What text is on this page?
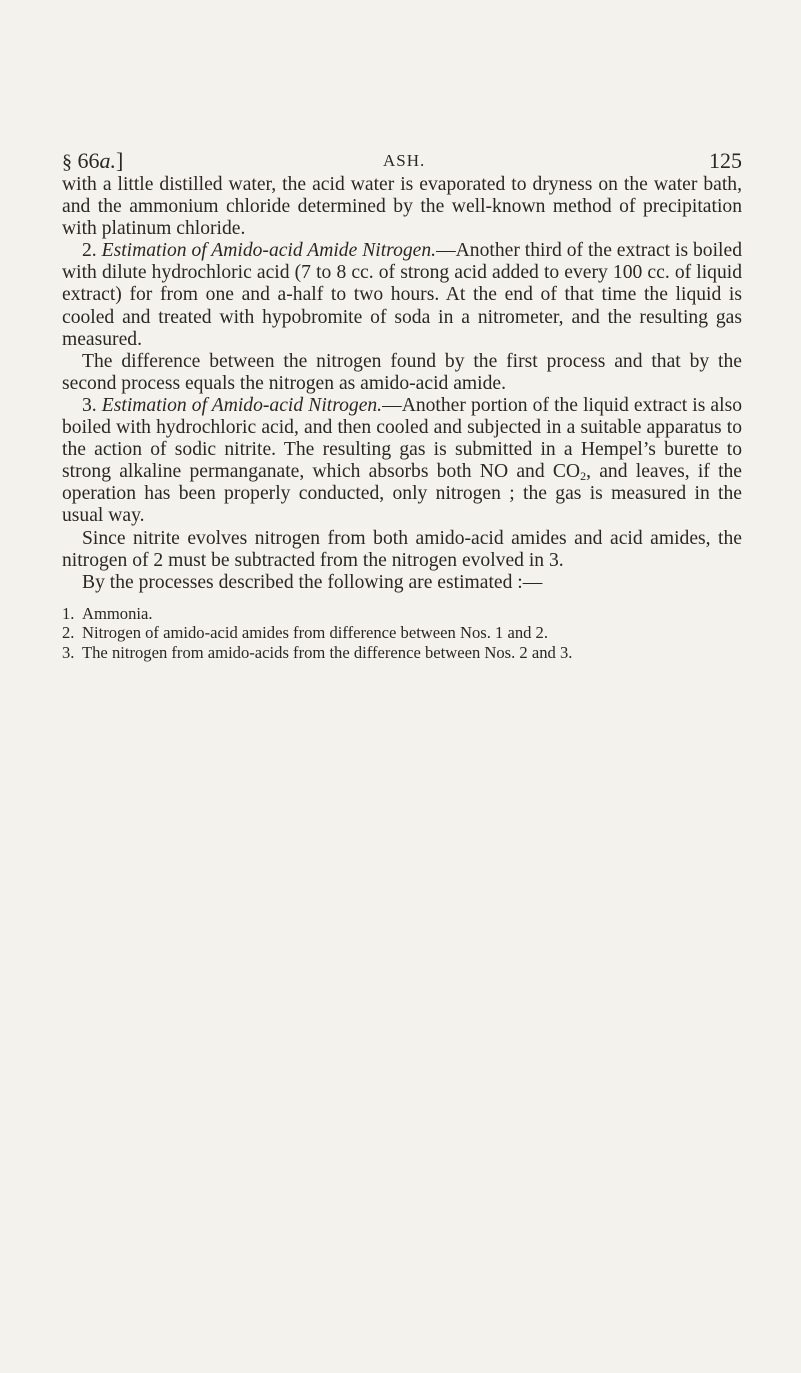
§ 66a.]	ASH.	125

with a little distilled water, the acid water is evaporated to dryness on the water bath, and the ammonium chloride determined by the well-known method of precipitation with platinum chloride.

2. Estimation of Amido-acid Amide Nitrogen.—Another third of the extract is boiled with dilute hydrochloric acid (7 to 8 cc. of strong acid added to every 100 cc. of liquid extract) for from one and a-half to two hours. At the end of that time the liquid is cooled and treated with hypobromite of soda in a nitrometer, and the resulting gas measured.

The difference between the nitrogen found by the first process and that by the second process equals the nitrogen as amido-acid amide.

3. Estimation of Amido-acid Nitrogen.—Another portion of the liquid extract is also boiled with hydrochloric acid, and then cooled and subjected in a suitable apparatus to the action of sodic nitrite. The resulting gas is submitted in a Hempel’s burette to strong alkaline permanganate, which absorbs both NO and $CO_2$, and leaves, if the operation has been properly conducted, only nitrogen ; the gas is measured in the usual way.

Since nitrite evolves nitrogen from both amido-acid amides and acid amides, the nitrogen of 2 must be subtracted from the nitrogen evolved in 3.

By the processes described the following are estimated :—

1. Ammonia.
2. Nitrogen of amido-acid amides from difference between Nos. 1 and 2.
3. The nitrogen from amido-acids from the difference between Nos. 2 and 3.
